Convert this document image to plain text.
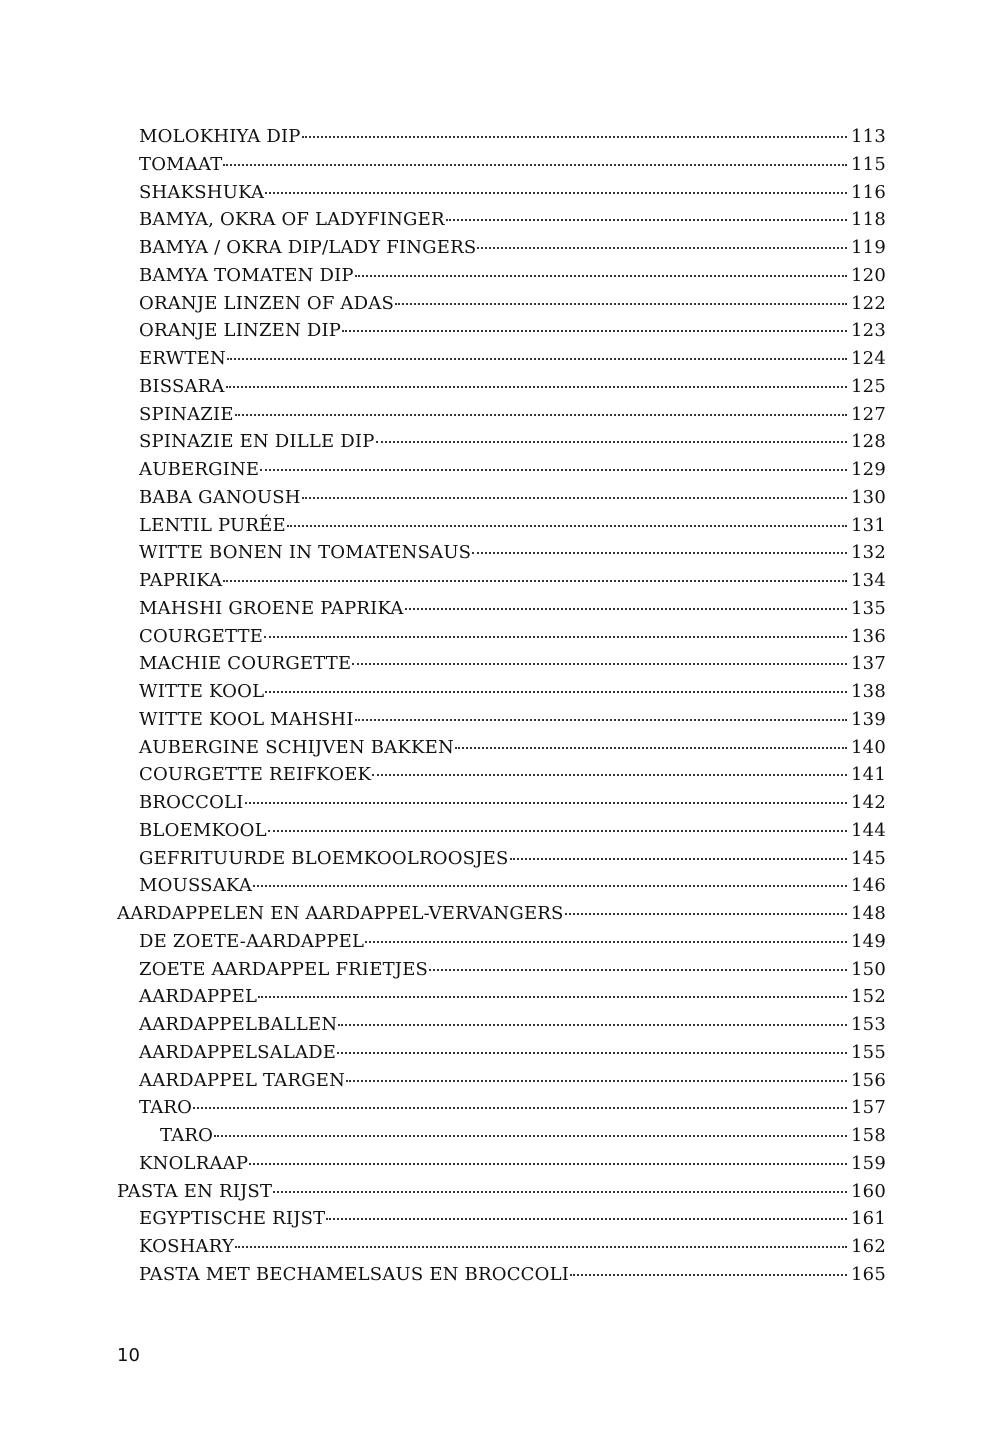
MOLOKHIYA DIP	113
TOMAAT	115
SHAKSHUKA	116
BAMYA, OKRA OF LADYFINGER	118
BAMYA / OKRA DIP/LADY FINGERS	119
BAMYA TOMATEN DIP	120
ORANJE LINZEN OF ADAS	122
ORANJE LINZEN DIP	123
ERWTEN	124
BISSARA	125
SPINAZIE	127
SPINAZIE EN DILLE DIP	128
AUBERGINE	129
BABA GANOUSH	130
LENTIL PURÉE	131
WITTE BONEN IN TOMATENSAUS	132
PAPRIKA	134
MAHSHI GROENE PAPRIKA	135
COURGETTE	136
MACHIE COURGETTE	137
WITTE KOOL	138
WITTE KOOL MAHSHI	139
AUBERGINE SCHIJVEN BAKKEN	140
COURGETTE REIFKOEK	141
BROCCOLI	142
BLOEMKOOL	144
GEFRITUURDE BLOEMKOOLROOSJES	145
MOUSSAKA	146
AARDAPPELEN EN AARDAPPEL-VERVANGERS	148
DE ZOETE-AARDAPPEL	149
ZOETE AARDAPPEL FRIETJES	150
AARDAPPEL	152
AARDAPPELBALLEN	153
AARDAPPELSALADE	155
AARDAPPEL TARGEN	156
TARO	157
TARO	158
KNOLRAAP	159
PASTA EN RIJST	160
EGYPTISCHE RIJST	161
KOSHARY	162
PASTA MET BECHAMELSAUS EN BROCCOLI	165
10
